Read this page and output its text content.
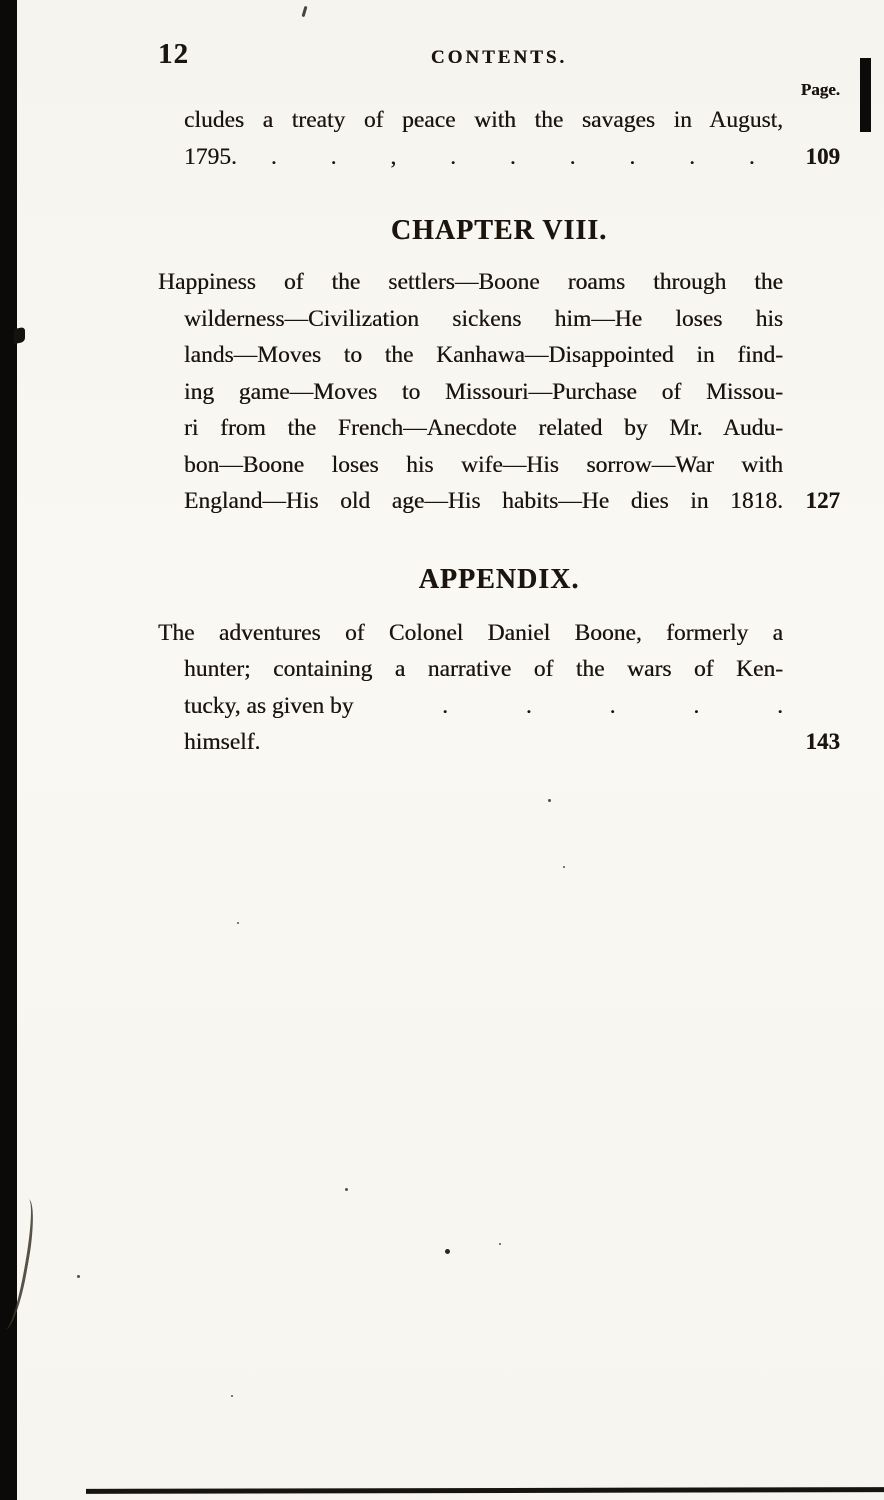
12	CONTENTS.
Page.
cludes a treaty of peace with the savages in August,
1795. . . , . . . . . .	109
CHAPTER VIII.
Happiness of the settlers—Boone roams through the
wilderness—Civilization sickens him—He loses his
lands—Moves to the Kanhawa—Disappointed in find-
ing game—Moves to Missouri—Purchase of Missou-
ri from the French—Anecdote related by Mr. Audu-
bon—Boone loses his wife—His sorrow—War with
England—His old age—His habits—He dies in 1818. 127
APPENDIX.
The adventures of Colonel Daniel Boone, formerly a
hunter; containing a narrative of the wars of Ken-
tucky, as given by himself.
. . . . .
143
